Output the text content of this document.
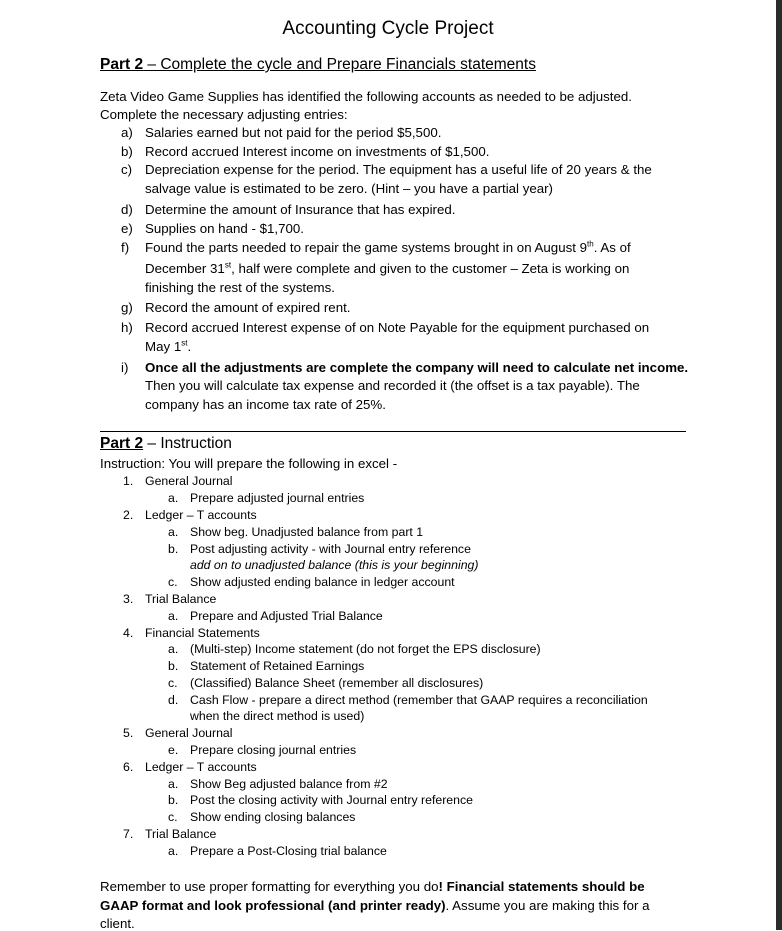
Accounting Cycle Project
Part 2 – Complete the cycle and Prepare Financials statements
Zeta Video Game Supplies has identified the following accounts as needed to be adjusted.
Complete the necessary adjusting entries:
a) Salaries earned but not paid for the period $5,500.
b) Record accrued Interest income on investments of $1,500.
c) Depreciation expense for the period. The equipment has a useful life of 20 years & the
salvage value is estimated to be zero. (Hint – you have a partial year)
d) Determine the amount of Insurance that has expired.
e) Supplies on hand - $1,700.
f) Found the parts needed to repair the game systems brought in on August 9th. As of
December 31st, half were complete and given to the customer – Zeta is working on
finishing the rest of the systems.
g) Record the amount of expired rent.
h) Record accrued Interest expense of on Note Payable for the equipment purchased on
May 1st.
i) Once all the adjustments are complete the company will need to calculate net income.
Then you will calculate tax expense and recorded it (the offset is a tax payable). The
company has an income tax rate of 25%.
Part 2 – Instruction
Instruction: You will prepare the following in excel -
1. General Journal
a. Prepare adjusted journal entries
2. Ledger – T accounts
a. Show beg. Unadjusted balance from part 1
b. Post adjusting activity - with Journal entry reference
add on to unadjusted balance (this is your beginning)
c. Show adjusted ending balance in ledger account
3. Trial Balance
a. Prepare and Adjusted Trial Balance
4. Financial Statements
a. (Multi-step) Income statement (do not forget the EPS disclosure)
b. Statement of Retained Earnings
c. (Classified) Balance Sheet (remember all disclosures)
d. Cash Flow - prepare a direct method (remember that GAAP requires a reconciliation
when the direct method is used)
5. General Journal
e. Prepare closing journal entries
6. Ledger – T accounts
a. Show Beg adjusted balance from #2
b. Post the closing activity with Journal entry reference
c. Show ending closing balances
7. Trial Balance
a. Prepare a Post-Closing trial balance
Remember to use proper formatting for everything you do! Financial statements should be
GAAP format and look professional (and printer ready). Assume you are making this for a
client.
